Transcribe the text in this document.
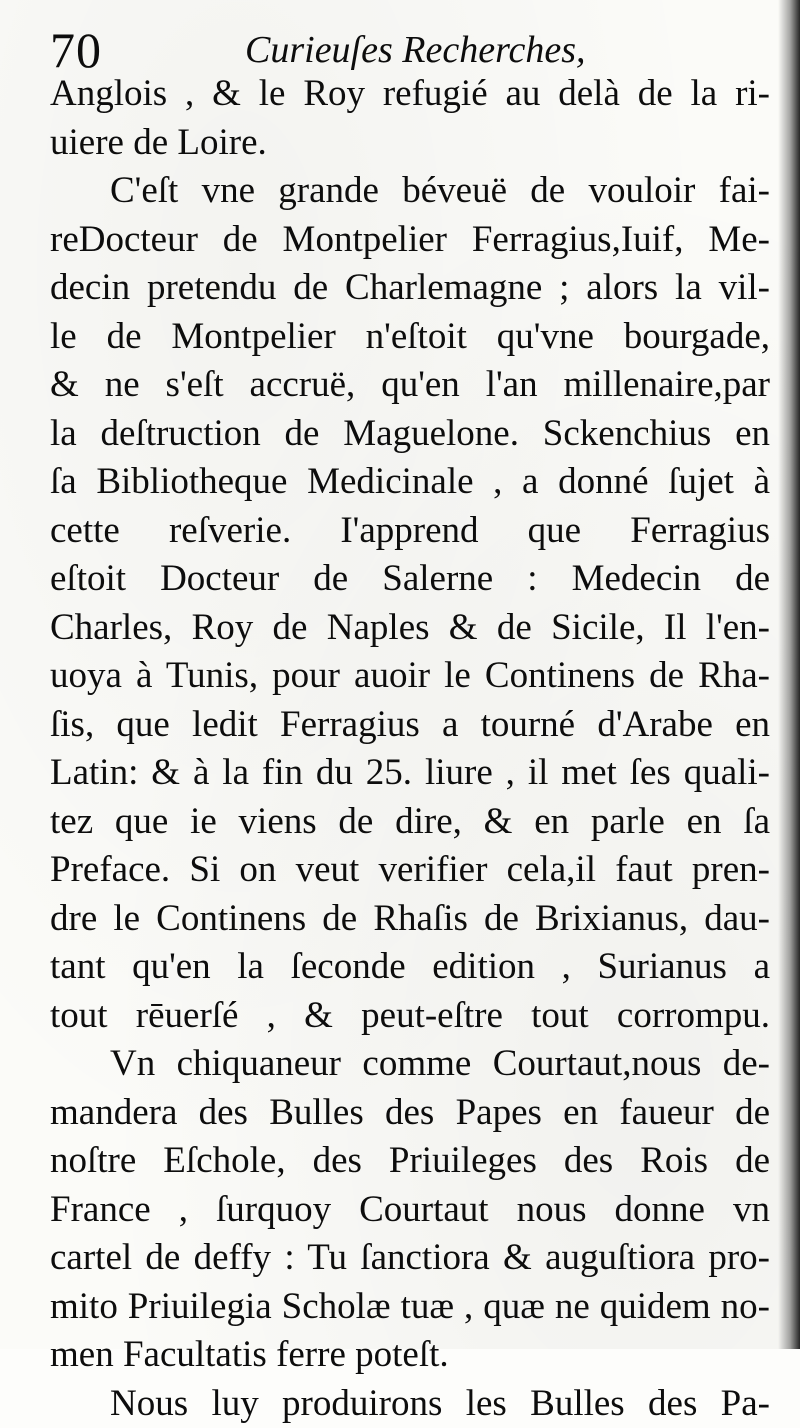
70	Curieuſes Recherches,
Anglois , & le Roy refugié au delà de la ri-
uiere de Loire.
C'eſt vne grande béveuë de vouloir fai-
reDocteur de Montpelier Ferragius,Iuif, Me-
decin pretendu de Charlemagne ; alors la vil-
le de Montpelier n'eſtoit qu'vne bourgade,
& ne s'eſt accruë, qu'en l'an millenaire,par
la deſtruction de Maguelone. Sckenchius en
ſa Bibliotheque Medicinale , a donné ſujet à
cette reſverie. I'apprend que Ferragius
eſtoit Docteur de Salerne : Medecin de
Charles, Roy de Naples & de Sicile, Il l'en-
uoya à Tunis, pour auoir le Continens de Rha-
ſis, que ledit Ferragius a tourné d'Arabe en
Latin: & à la fin du 25. liure , il met ſes quali-
tez que ie viens de dire, & en parle en ſa
Preface. Si on veut verifier cela,il faut pren-
dre le Continens de Rhaſis de Brixianus, dau-
tant qu'en la ſeconde edition , Surianus a
tout rēuerſé , & peut-eſtre tout corrompu.
Vn chiquaneur comme Courtaut,nous de-
mandera des Bulles des Papes en faueur de
noſtre Eſchole, des Priuileges des Rois de
France , ſurquoy Courtaut nous donne vn
cartel de deffy : Tu ſanctiora & auguſtiora pro-
mito Priuilegia Scholæ tuæ , quæ ne quidem no-
men Facultatis ferre poteſt.
Nous luy produirons les Bulles des Pa-
